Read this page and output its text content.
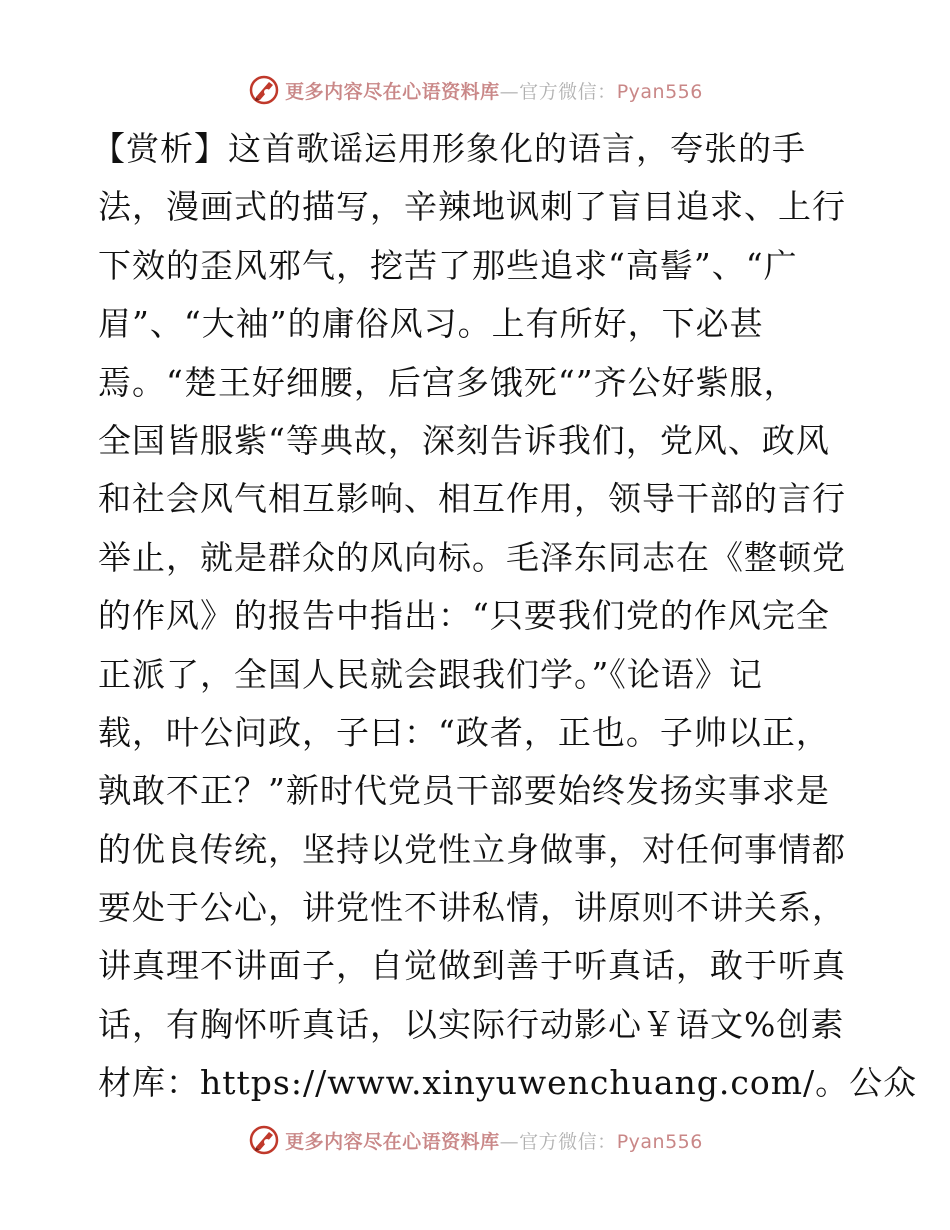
更多内容尽在心语资料库—官方微信：Pyan556
【赏析】这首歌谣运用形象化的语言，夸张的手
法，漫画式的描写，辛辣地讽刺了盲目追求、上行
下效的歪风邪气，挖苦了那些追求“高髻”、“广
眉”、“大袖”的庸俗风习。上有所好，下必甚
焉。“楚王好细腰，后宫多饿死“”齐公好紫服，
全国皆服紫“等典故，深刻告诉我们，党风、政风
和社会风气相互影响、相互作用，领导干部的言行
举止，就是群众的风向标。毛泽东同志在《整顿党
的作风》的报告中指出：“只要我们党的作风完全
正派了，全国人民就会跟我们学。”《论语》记
载，叶公问政，子曰：“政者，正也。子帅以正，
孰敢不正？”新时代党员干部要始终发扬实事求是
的优良传统，坚持以党性立身做事，对任何事情都
要处于公心，讲党性不讲私情，讲原则不讲关系，
讲真理不讲面子，自觉做到善于听真话，敢于听真
话，有胸怀听真话，以实际行动影心￥语文%创素
材库：https://www.xinyuwenchuang.com/。公众
更多内容尽在心语资料库—官方微信：Pyan556
